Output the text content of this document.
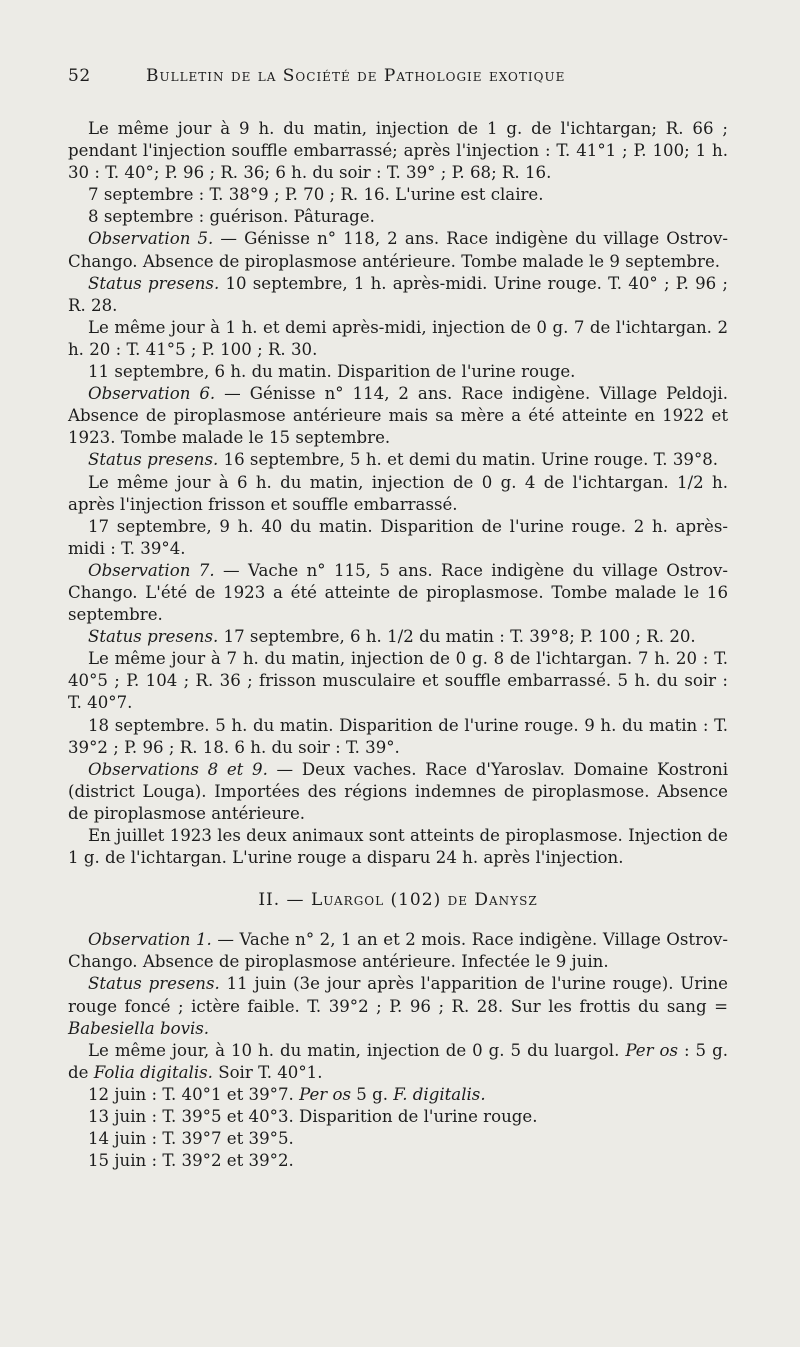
52	Bulletin de la Société de Pathologie exotique

Le même jour à 9 h. du matin, injection de 1 g. de l'ichtargan; R. 66 ; pendant l'injection souffle embarrassé; après l'injection : T. 41°1 ; P. 100; 1 h. 30 : T. 40°; P. 96 ; R. 36; 6 h. du soir : T. 39° ; P. 68; R. 16.

7 septembre : T. 38°9 ; P. 70 ; R. 16. L'urine est claire.

8 septembre : guérison. Pâturage.

Observation 5. — Génisse n° 118, 2 ans. Race indigène du village Ostrov-Chango. Absence de piroplasmose antérieure. Tombe malade le 9 septembre.

Status presens. 10 septembre, 1 h. après-midi. Urine rouge. T. 40° ; P. 96 ; R. 28.

Le même jour à 1 h. et demi après-midi, injection de 0 g. 7 de l'ichtargan. 2 h. 20 : T. 41°5 ; P. 100 ; R. 30.

11 septembre, 6 h. du matin. Disparition de l'urine rouge.

Observation 6. — Génisse n° 114, 2 ans. Race indigène. Village Peldoji. Absence de piroplasmose antérieure mais sa mère a été atteinte en 1922 et 1923. Tombe malade le 15 septembre.

Status presens. 16 septembre, 5 h. et demi du matin. Urine rouge. T. 39°8.

Le même jour à 6 h. du matin, injection de 0 g. 4 de l'ichtargan. 1/2 h. après l'injection frisson et souffle embarrassé.

17 septembre, 9 h. 40 du matin. Disparition de l'urine rouge. 2 h. après-midi : T. 39°4.

Observation 7. — Vache n° 115, 5 ans. Race indigène du village Ostrov-Chango. L'été de 1923 a été atteinte de piroplasmose. Tombe malade le 16 septembre.

Status presens. 17 septembre, 6 h. 1/2 du matin : T. 39°8; P. 100 ; R. 20.

Le même jour à 7 h. du matin, injection de 0 g. 8 de l'ichtargan. 7 h. 20 : T. 40°5 ; P. 104 ; R. 36 ; frisson musculaire et souffle embarrassé. 5 h. du soir : T. 40°7.

18 septembre. 5 h. du matin. Disparition de l'urine rouge. 9 h. du matin : T. 39°2 ; P. 96 ; R. 18. 6 h. du soir : T. 39°.

Observations 8 et 9. — Deux vaches. Race d'Yaroslav. Domaine Kostroni (district Louga). Importées des régions indemnes de piroplasmose. Absence de piroplasmose antérieure.

En juillet 1923 les deux animaux sont atteints de piroplasmose. Injection de 1 g. de l'ichtargan. L'urine rouge a disparu 24 h. après l'injection.

II. — Luargol (102) de Danysz

Observation 1. — Vache n° 2, 1 an et 2 mois. Race indigène. Village Ostrov-Chango. Absence de piroplasmose antérieure. Infectée le 9 juin.

Status presens. 11 juin (3e jour après l'apparition de l'urine rouge). Urine rouge foncé ; ictère faible. T. 39°2 ; P. 96 ; R. 28. Sur les frottis du sang = Babesiella bovis.

Le même jour, à 10 h. du matin, injection de 0 g. 5 du luargol. Per os : 5 g. de Folia digitalis. Soir T. 40°1.

12 juin : T. 40°1 et 39°7. Per os 5 g. F. digitalis.

13 juin : T. 39°5 et 40°3. Disparition de l'urine rouge.

14 juin : T. 39°7 et 39°5.

15 juin : T. 39°2 et 39°2.
